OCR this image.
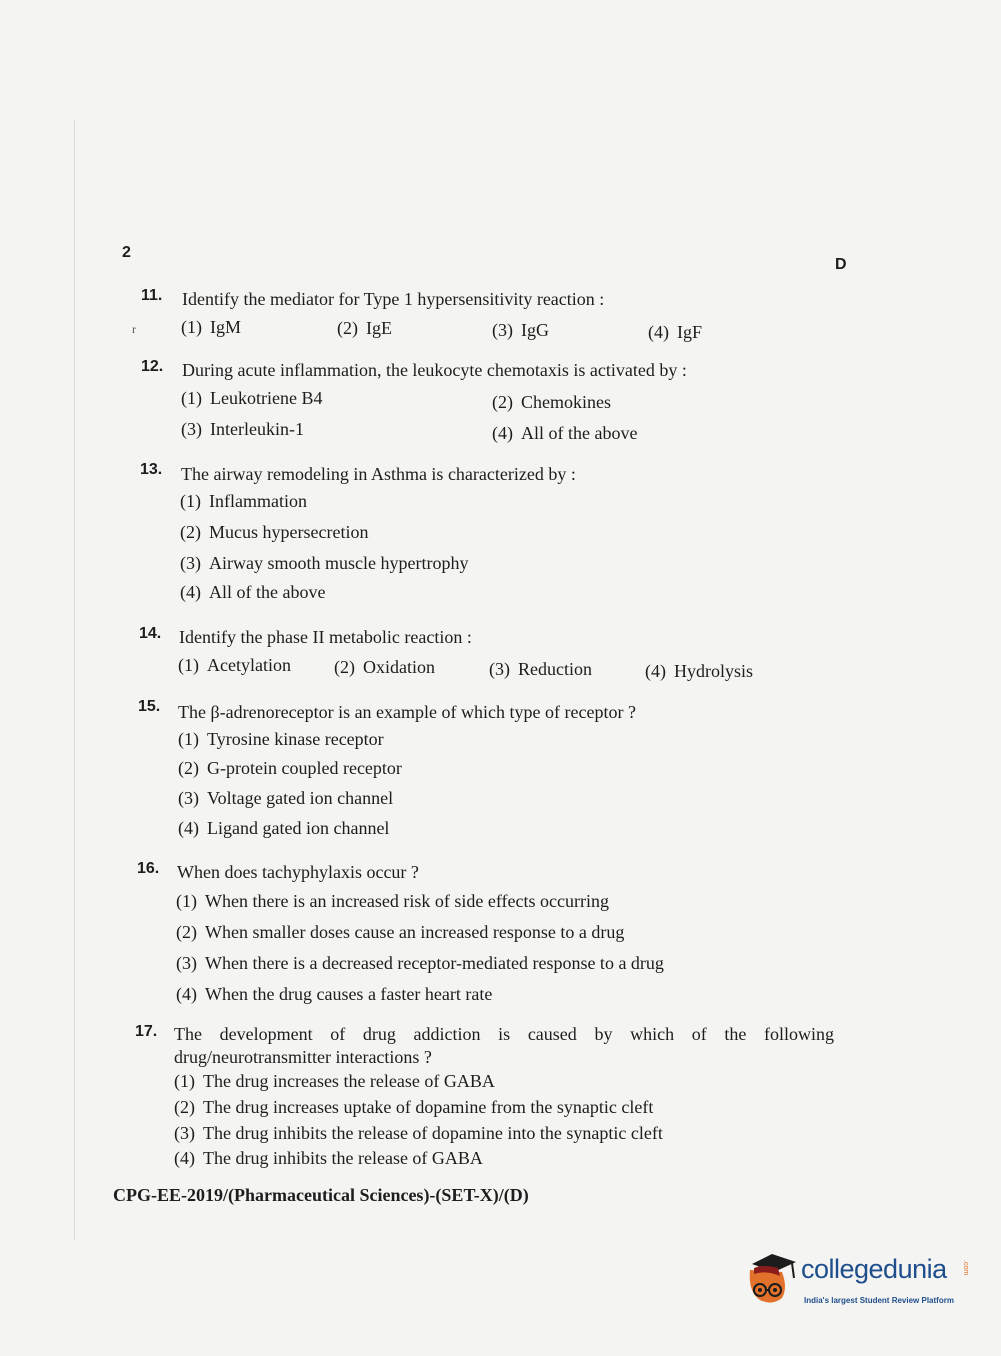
2
D
r
11. Identify the mediator for Type 1 hypersensitivity reaction :
(1) IgM	(2) IgE	(3) IgG	(4) IgF
12. During acute inflammation, the leukocyte chemotaxis is activated by :
(1) Leukotriene B4	(2) Chemokines
(3) Interleukin-1	(4) All of the above
13. The airway remodeling in Asthma is characterized by :
(1) Inflammation
(2) Mucus hypersecretion
(3) Airway smooth muscle hypertrophy
(4) All of the above
14. Identify the phase II metabolic reaction :
(1) Acetylation (2) Oxidation	(3) Reduction	(4) Hydrolysis
15. The β-adrenoreceptor is an example of which type of receptor ?
(1) Tyrosine kinase receptor
(2) G-protein coupled receptor
(3) Voltage gated ion channel
(4) Ligand gated ion channel
16. When does tachyphylaxis occur ?
(1) When there is an increased risk of side effects occurring
(2) When smaller doses cause an increased response to a drug
(3) When there is a decreased receptor-mediated response to a drug
(4) When the drug causes a faster heart rate
17. The development of drug addiction is caused by which of the following
drug/neurotransmitter interactions ?
(1) The drug increases the release of GABA
(2) The drug increases uptake of dopamine from the synaptic cleft
(3) The drug inhibits the release of dopamine into the synaptic cleft
(4) The drug inhibits the release of GABA
CPG-EE-2019/(Pharmaceutical Sciences)-(SET-X)/(D)
collegedunia .com
India's largest Student Review Platform
